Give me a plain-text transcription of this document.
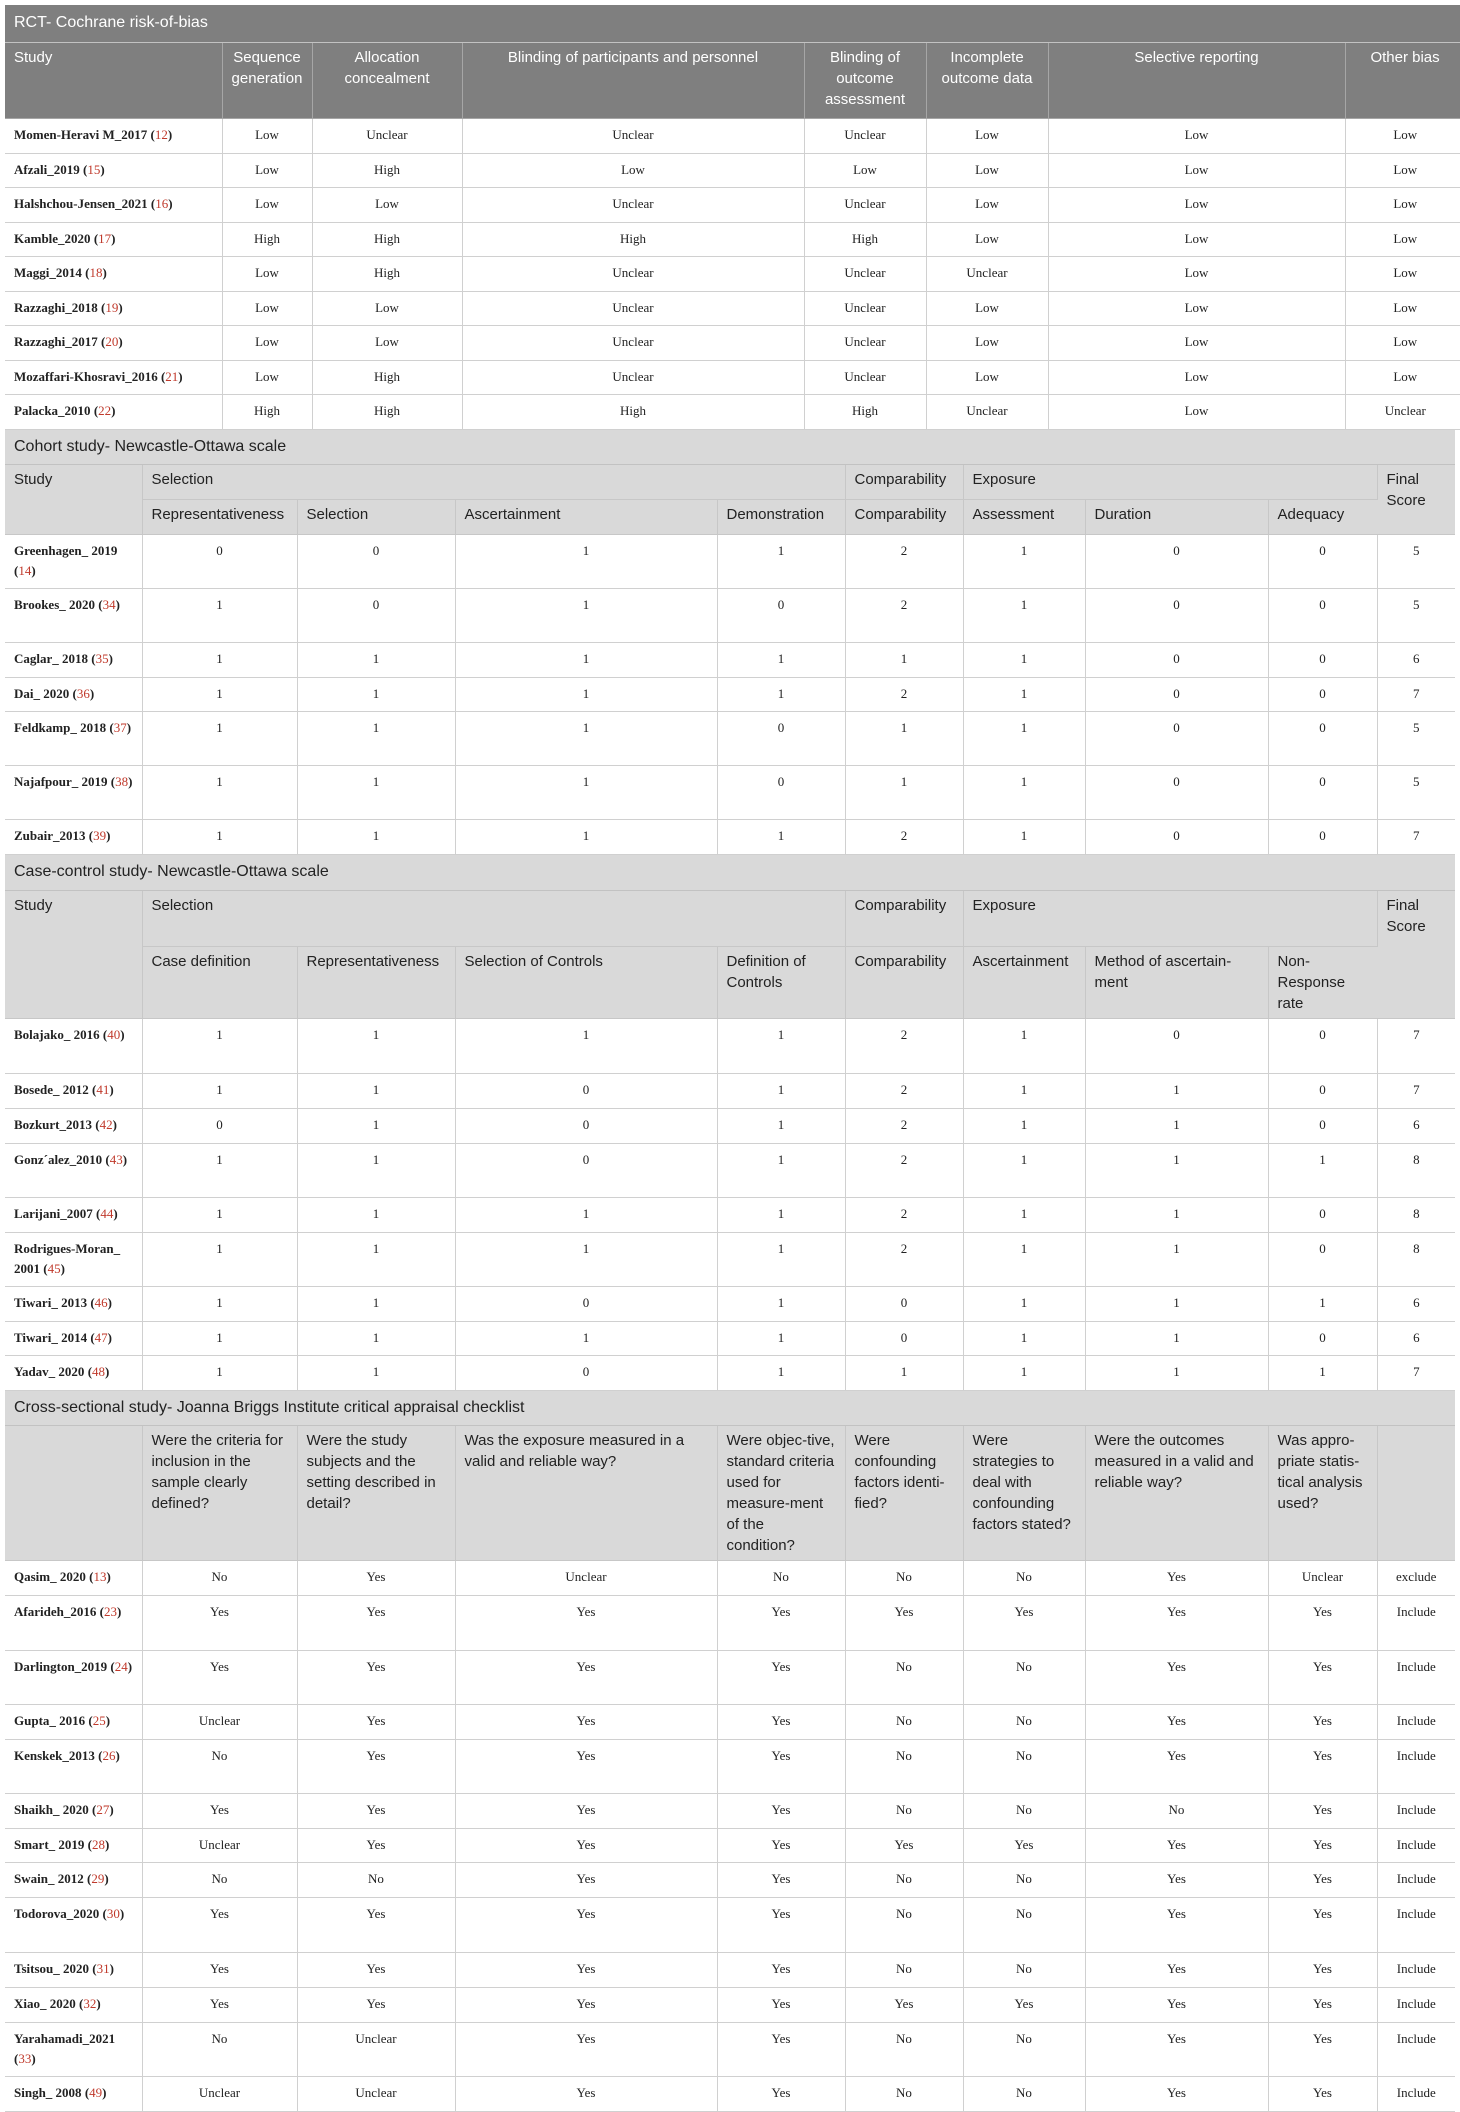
RCT- Cochrane risk-of-bias							
Study	Sequence generation	Allocation concealment	Blinding of participants and personnel	Blinding of outcome assessment	Incomplete outcome data	Selective reporting	Other bias
Momen-Heravi M_2017 (12)	Low	Unclear	Unclear	Unclear	Low	Low	Low
Afzali_2019 (15)	Low	High	Low	Low	Low	Low	Low
Halshchou-Jensen_2021 (16)	Low	Low	Unclear	Unclear	Low	Low	Low
Kamble_2020 (17)	High	High	High	High	Low	Low	Low
Maggi_2014 (18)	Low	High	Unclear	Unclear	Unclear	Low	Low
Razzaghi_2018 (19)	Low	Low	Unclear	Unclear	Low	Low	Low
Razzaghi_2017 (20)	Low	Low	Unclear	Unclear	Low	Low	Low
Mozaffari-Khosravi_2016 (21)	Low	High	Unclear	Unclear	Low	Low	Low
Palacka_2010 (22)	High	High	High	High	Unclear	Low	Unclear
Cohort study- Newcastle-Ottawa scale									
Study	Selection				Comparability	Exposure			Final Score
	Representativeness	Selection	Ascertainment	Demonstration	Comparability	Assessment	Duration	Adequacy	
Greenhagen_ 2019 (14)	0	0	1	1	2	1	0	0	5
Brookes_ 2020 (34)	1	0	1	0	2	1	0	0	5
Caglar_ 2018 (35)	1	1	1	1	1	1	0	0	6
Dai_ 2020 (36)	1	1	1	1	2	1	0	0	7
Feldkamp_ 2018 (37)	1	1	1	0	1	1	0	0	5
Najafpour_ 2019 (38)	1	1	1	0	1	1	0	0	5
Zubair_2013 (39)	1	1	1	1	2	1	0	0	7
Case-control study- Newcastle-Ottawa scale									
Study	Selection				Comparability	Exposure			Final Score
	Case definition	Representativeness	Selection of Controls	Definition of Controls	Comparability	Ascertainment	Method of ascertain-ment	Non-Response rate	
Bolajako_ 2016 (40)	1	1	1	1	2	1	0	0	7
Bosede_ 2012 (41)	1	1	0	1	2	1	1	0	7
Bozkurt_2013 (42)	0	1	0	1	2	1	1	0	6
Gonz´alez_2010 (43)	1	1	0	1	2	1	1	1	8
Larijani_2007 (44)	1	1	1	1	2	1	1	0	8
Rodrigues-Moran_ 2001 (45)	1	1	1	1	2	1	1	0	8
Tiwari_ 2013 (46)	1	1	0	1	0	1	1	1	6
Tiwari_ 2014 (47)	1	1	1	1	0	1	1	0	6
Yadav_ 2020 (48)	1	1	0	1	1	1	1	1	7
Cross-sectional study- Joanna Briggs Institute critical appraisal checklist									
	Were the criteria for inclusion in the sample clearly defined?	Were the study subjects and the setting described in detail?	Was the exposure measured in a valid and reliable way?	Were objec-tive, standard criteria used for measure-ment of the condition?	Were confounding factors identi-fied?	Were strategies to deal with confounding factors stated?	Were the outcomes measured in a valid and reliable way?	Was appro-priate statis-tical analysis used?	
Qasim_ 2020 (13)	No	Yes	Unclear	No	No	No	Yes	Unclear	exclude
Afarideh_2016 (23)	Yes	Yes	Yes	Yes	Yes	Yes	Yes	Yes	Include
Darlington_2019 (24)	Yes	Yes	Yes	Yes	No	No	Yes	Yes	Include
Gupta_ 2016 (25)	Unclear	Yes	Yes	Yes	No	No	Yes	Yes	Include
Kenskek_2013 (26)	No	Yes	Yes	Yes	No	No	Yes	Yes	Include
Shaikh_ 2020 (27)	Yes	Yes	Yes	Yes	No	No	No	Yes	Include
Smart_ 2019 (28)	Unclear	Yes	Yes	Yes	Yes	Yes	Yes	Yes	Include
Swain_ 2012 (29)	No	No	Yes	Yes	No	No	Yes	Yes	Include
Todorova_2020 (30)	Yes	Yes	Yes	Yes	No	No	Yes	Yes	Include
Tsitsou_ 2020 (31)	Yes	Yes	Yes	Yes	No	No	Yes	Yes	Include
Xiao_ 2020 (32)	Yes	Yes	Yes	Yes	Yes	Yes	Yes	Yes	Include
Yarahamadi_2021 (33)	No	Unclear	Yes	Yes	No	No	Yes	Yes	Include
Singh_ 2008 (49)	Unclear	Unclear	Yes	Yes	No	No	Yes	Yes	Include
